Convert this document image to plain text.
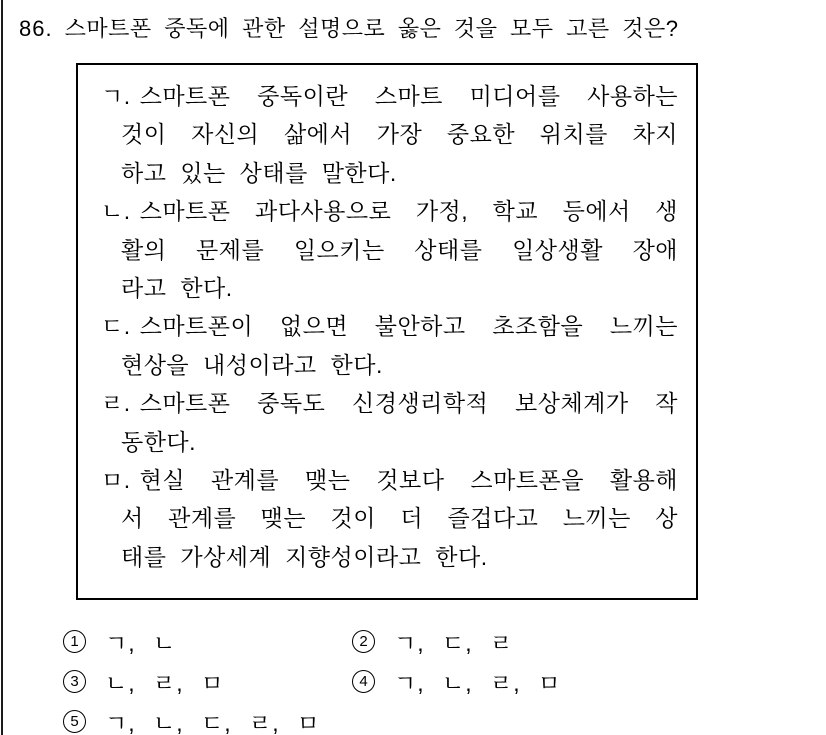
86. 스마트폰 중독에 관한 설명으로 옳은 것을 모두 고른 것은?
ㄱ. 스마트폰 중독이란 스마트 미디어를 사용하는
것이 자신의 삶에서 가장 중요한 위치를 차지
하고 있는 상태를 말한다.
ㄴ. 스마트폰 과다사용으로 가정, 학교 등에서 생
활의 문제를 일으키는 상태를 일상생활 장애
라고 한다.
ㄷ. 스마트폰이 없으면 불안하고 초조함을 느끼는
현상을 내성이라고 한다.
ㄹ. 스마트폰 중독도 신경생리학적 보상체계가 작
동한다.
ㅁ. 현실 관계를 맺는 것보다 스마트폰을 활용해
서 관계를 맺는 것이 더 즐겁다고 느끼는 상
태를 가상세계 지향성이라고 한다.
1	ㄱ, ㄴ	2	ㄱ, ㄷ, ㄹ
3	ㄴ, ㄹ, ㅁ	4	ㄱ, ㄴ, ㄹ, ㅁ
5	ㄱ, ㄴ, ㄷ, ㄹ, ㅁ
